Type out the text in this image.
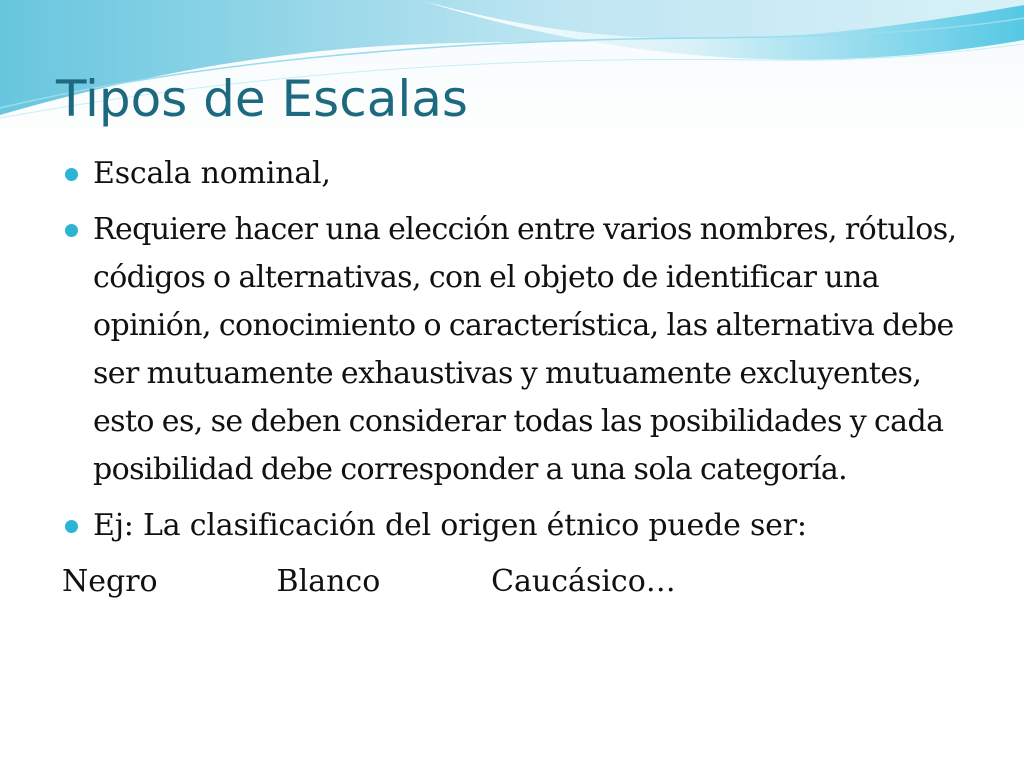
Tipos de Escalas
Escala nominal,
Requiere hacer una elección entre varios nombres, rótulos, códigos o alternativas, con el objeto de identificar una opinión, conocimiento o característica, las alternativa debe ser mutuamente exhaustivas y mutuamente excluyentes, esto es, se deben considerar todas las posibilidades y cada posibilidad debe corresponder a una sola categoría.
Ej: La clasificación del origen étnico puede ser:

Negro	Blanco	Caucásico…
